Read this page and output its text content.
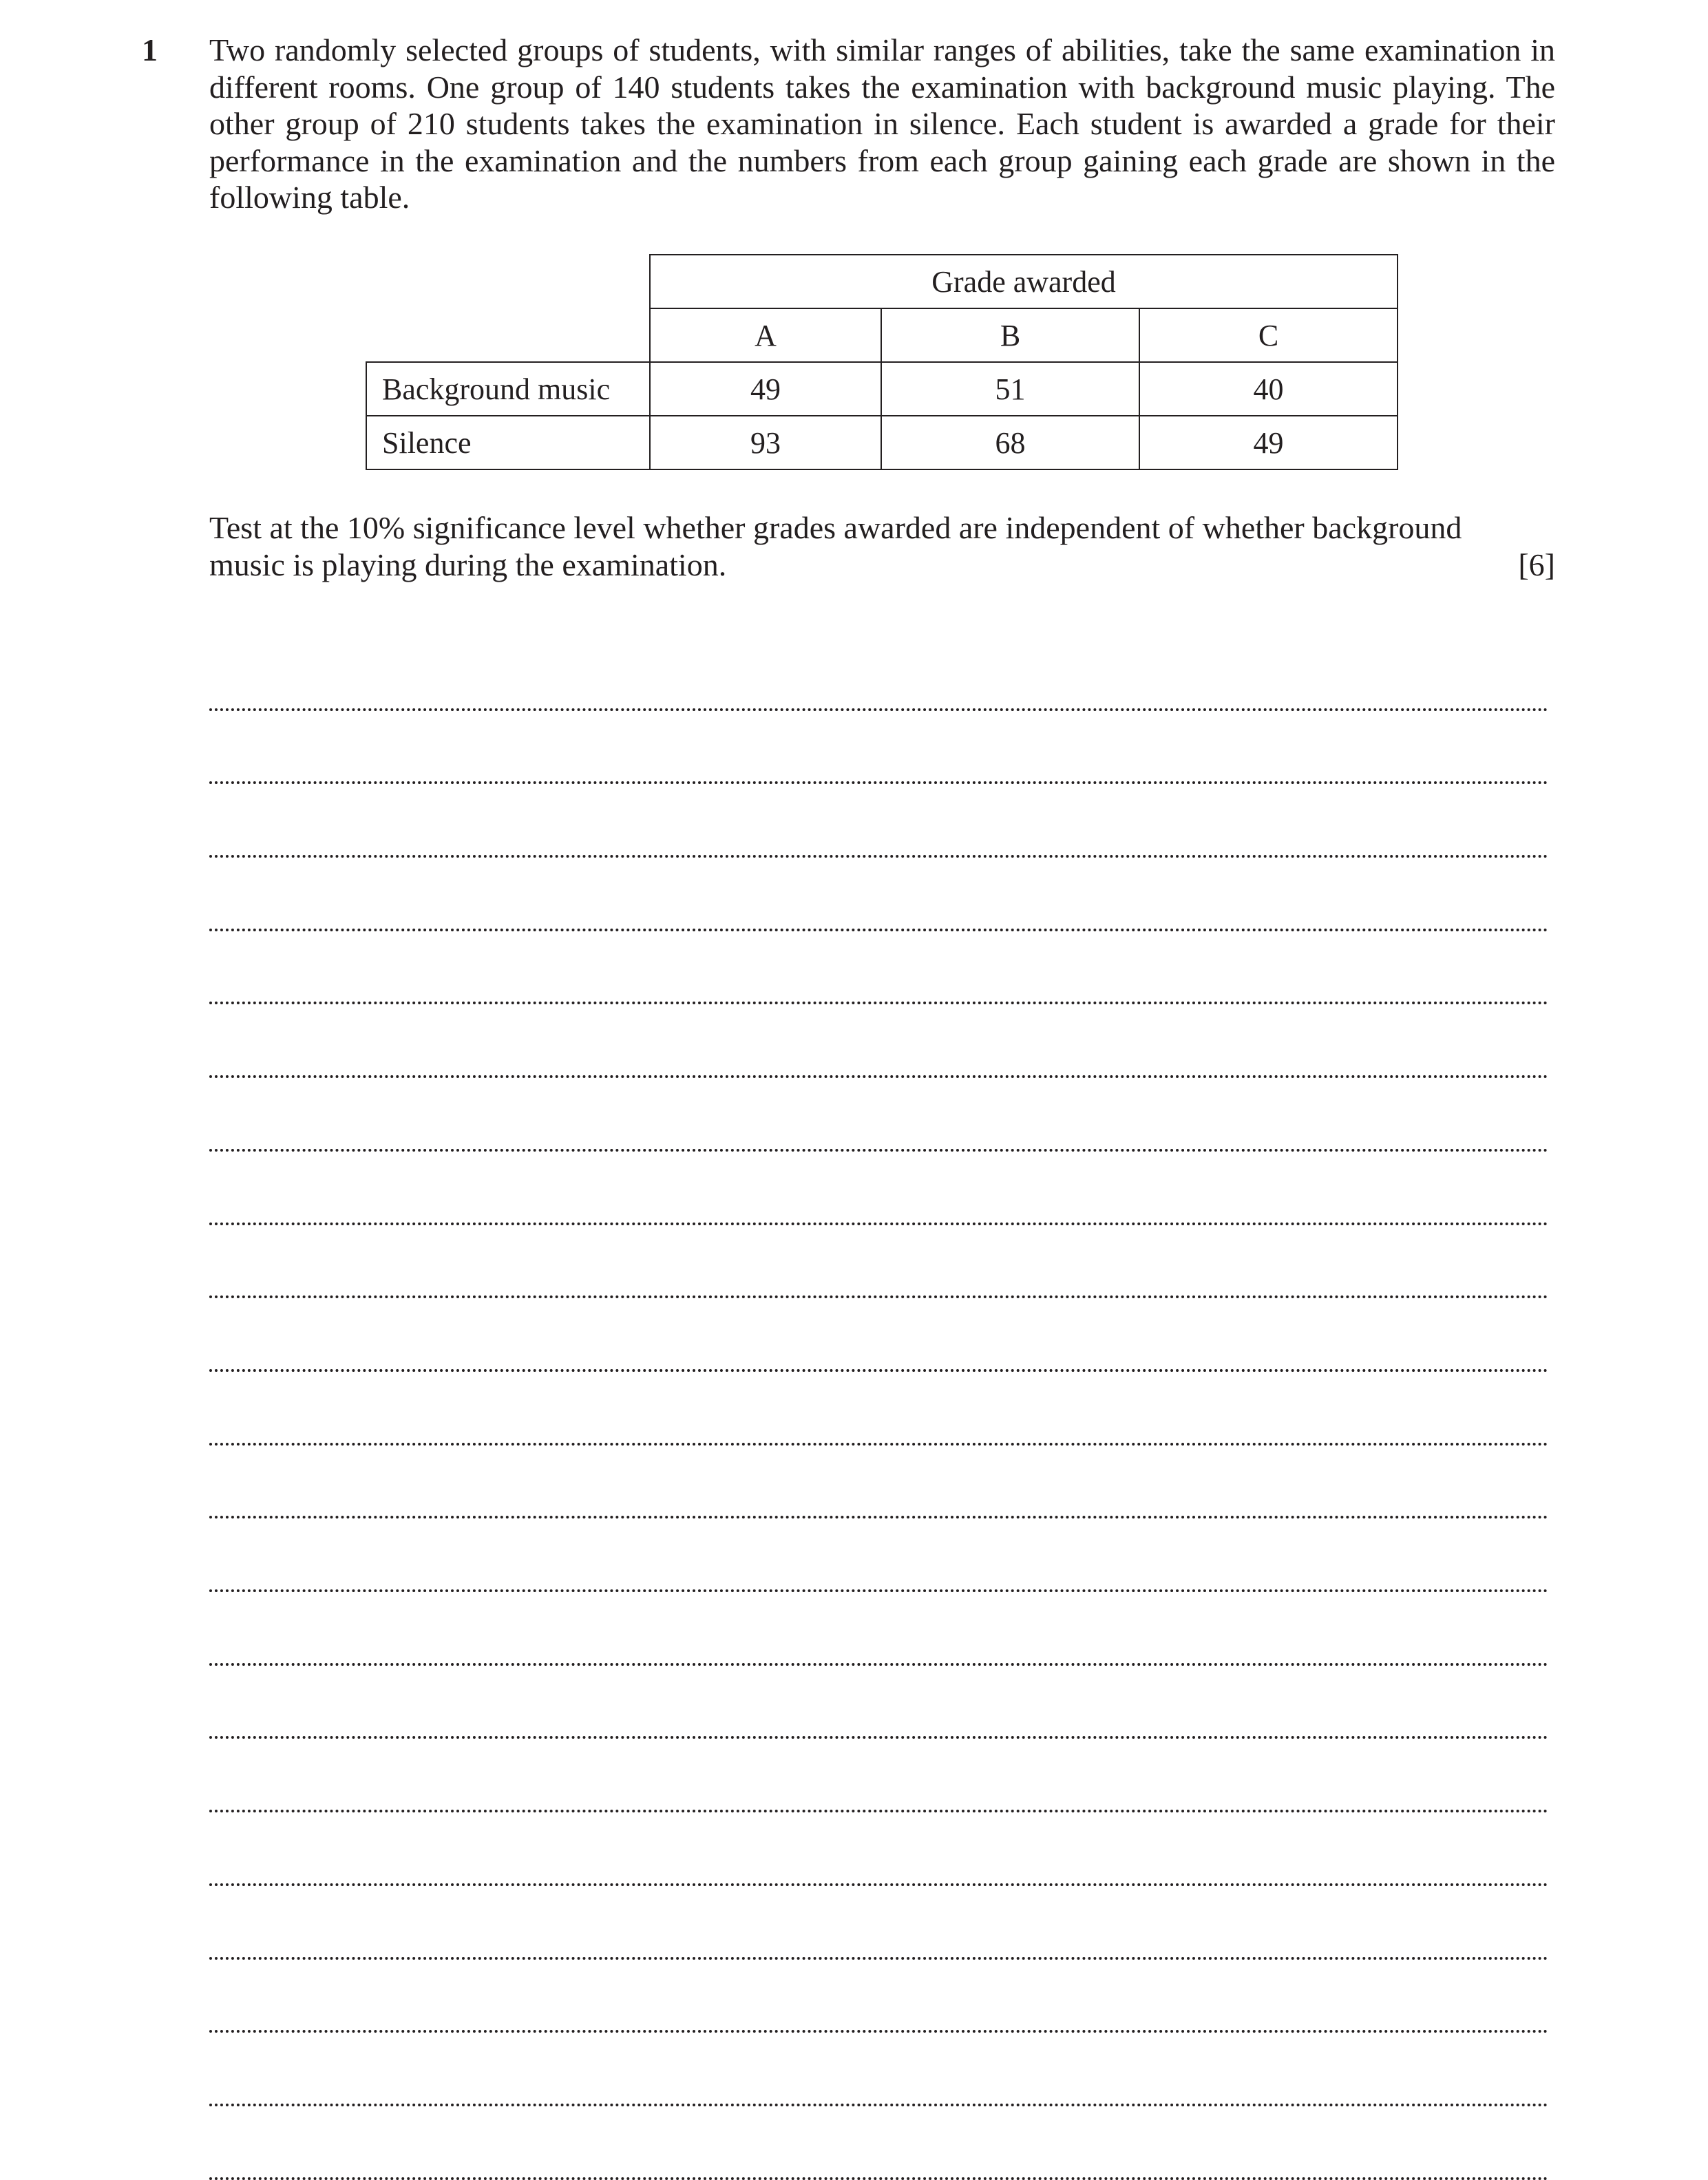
1 Two randomly selected groups of students, with similar ranges of abilities, take the same examination in different rooms. One group of 140 students takes the examination with background music playing. The other group of 210 students takes the examination in silence. Each student is awarded a grade for their performance in the examination and the numbers from each group gaining each grade are shown in the following table.

	Grade awarded		
	A	B	C
Background music	49	51	40
Silence	93	68	49
Test at the 10% significance level whether grades awarded are independent of whether background
music is playing during the examination.	[6]
